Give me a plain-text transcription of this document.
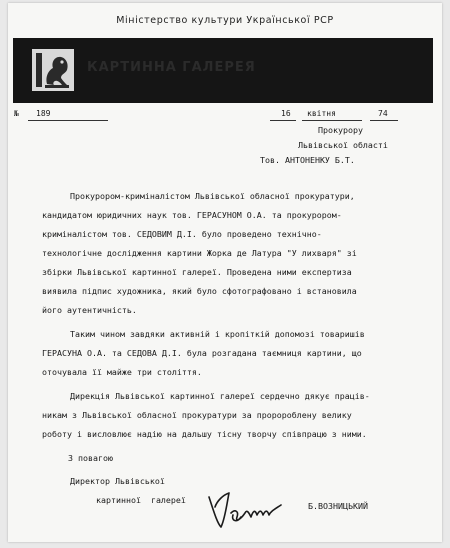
Міністерство культури Української РСР
КАРТИННА ГАЛЕРЕЯ
№ 189	16 квітня	74
Прокурору
Львівської області
Тов. АНТОНЕНКУ Б.Т.
Прокурором-криміналістом Львівської обласної прокуратури,
кандидатом юридичних наук тов. ГЕРАСУНОМ О.А. та прокурором-
криміналістом тов. СЕДОВИМ Д.І. було проведено технічно-
технологічне дослідження картини Жорка де Латура "У лихваря" зі
збірки Львівської картинної галереї. Проведена ними експертиза
виявила підпис художника, який було сфотографовано і встановила
його аутентичність.
Таким чином завдяки активній і кропіткій допомозі товаришів
ГЕРАСУНА О.А. та СЕДОВА Д.І. була розгадана таємниця картини, що
оточувала її майже три століття.
Дирекція Львівської картинної галереї сердечно дякує праців-
никам з Львівської обласної прокуратури за проророблену велику
роботу і висловлює надію на дальшу тісну творчу співпрацю з ними.
З повагою
Директор Львівської
картинної  галереї
Б.ВОЗНИЦЬКИЙ
